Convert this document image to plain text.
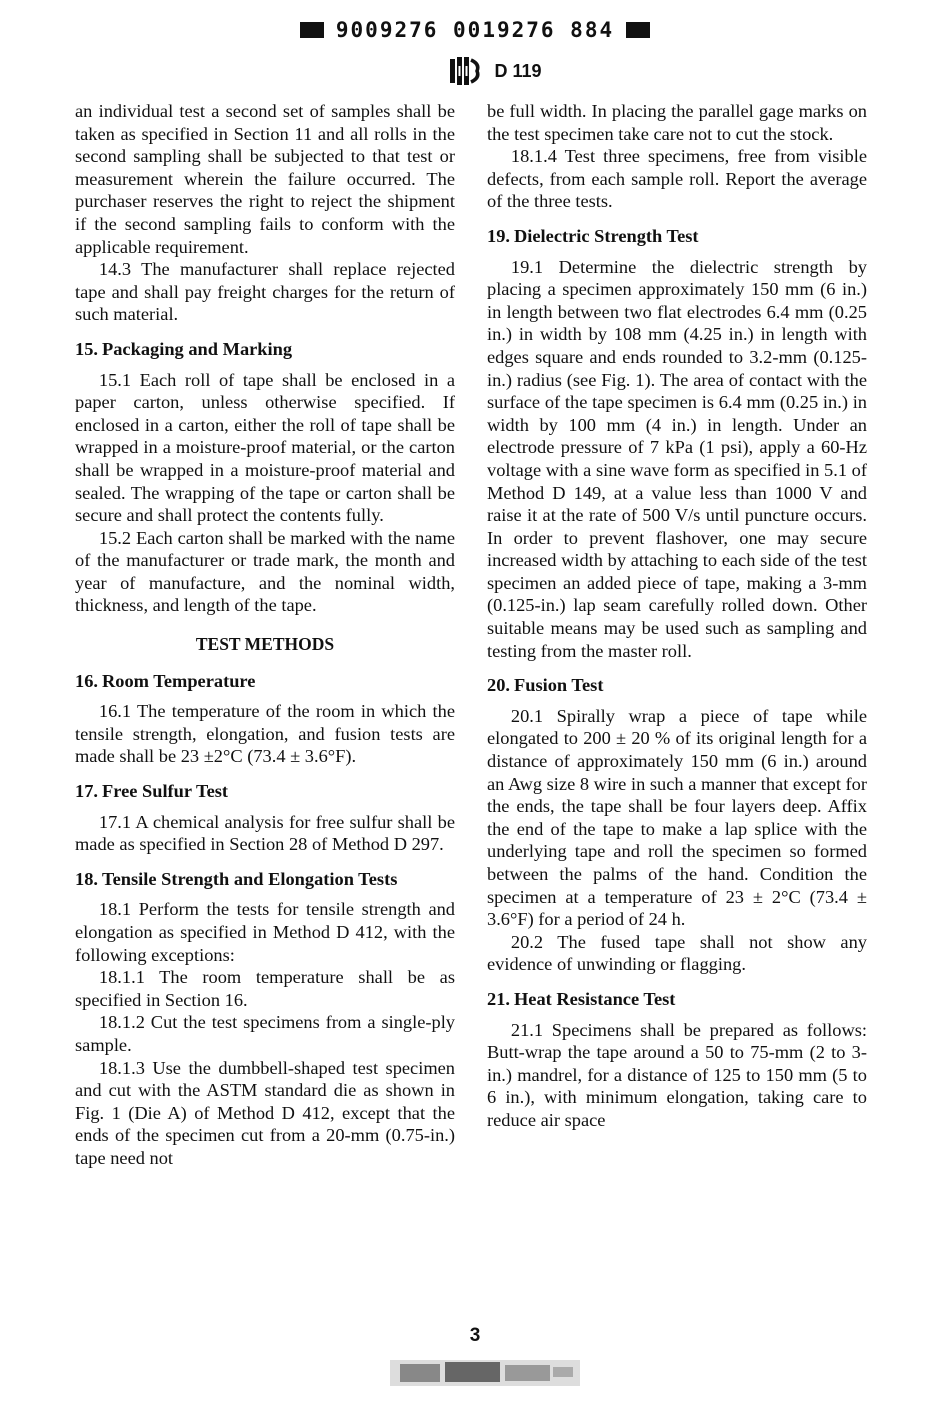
9009276 0019276 884
D 119

an individual test a second set of samples shall be taken as specified in Section 11 and all rolls in the second sampling shall be subjected to that test or measurement wherein the failure occurred. The purchaser reserves the right to reject the shipment if the second sampling fails to conform with the applicable requirement.

14.3 The manufacturer shall replace rejected tape and shall pay freight charges for the return of such material.

15. Packaging and Marking

15.1 Each roll of tape shall be enclosed in a paper carton, unless otherwise specified. If enclosed in a carton, either the roll of tape shall be wrapped in a moisture-proof material, or the carton shall be wrapped in a moisture-proof material and sealed. The wrapping of the tape or carton shall be secure and shall protect the contents fully.

15.2 Each carton shall be marked with the name of the manufacturer or trade mark, the month and year of manufacture, and the nominal width, thickness, and length of the tape.

TEST METHODS
16. Room Temperature

16.1 The temperature of the room in which the tensile strength, elongation, and fusion tests are made shall be 23 ±2°C (73.4 ± 3.6°F).

17. Free Sulfur Test

17.1 A chemical analysis for free sulfur shall be made as specified in Section 28 of Method D 297.

18. Tensile Strength and Elongation Tests

18.1 Perform the tests for tensile strength and elongation as specified in Method D 412, with the following exceptions:

18.1.1 The room temperature shall be as specified in Section 16.

18.1.2 Cut the test specimens from a single-ply sample.

18.1.3 Use the dumbbell-shaped test specimen and cut with the ASTM standard die as shown in Fig. 1 (Die A) of Method D 412, except that the ends of the specimen cut from a 20-mm (0.75-in.) tape need not

be full width. In placing the parallel gage marks on the test specimen take care not to cut the stock.

18.1.4 Test three specimens, free from visible defects, from each sample roll. Report the average of the three tests.

19. Dielectric Strength Test

19.1 Determine the dielectric strength by placing a specimen approximately 150 mm (6 in.) in length between two flat electrodes 6.4 mm (0.25 in.) in width by 108 mm (4.25 in.) in length with edges square and ends rounded to 3.2-mm (0.125-in.) radius (see Fig. 1). The area of contact with the surface of the tape specimen is 6.4 mm (0.25 in.) in width by 100 mm (4 in.) in length. Under an electrode pressure of 7 kPa (1 psi), apply a 60-Hz voltage with a sine wave form as specified in 5.1 of Method D 149, at a value less than 1000 V and raise it at the rate of 500 V/s until puncture occurs. In order to prevent flashover, one may secure increased width by attaching to each side of the test specimen an added piece of tape, making a 3-mm (0.125-in.) lap seam carefully rolled down. Other suitable means may be used such as sampling and testing from the master roll.

20. Fusion Test

20.1 Spirally wrap a piece of tape while elongated to 200 ± 20 % of its original length for a distance of approximately 150 mm (6 in.) around an Awg size 8 wire in such a manner that except for the ends, the tape shall be four layers deep. Affix the end of the tape to make a lap splice with the underlying tape and roll the specimen so formed between the palms of the hand. Condition the specimen at a temperature of 23 ± 2°C (73.4 ± 3.6°F) for a period of 24 h.

20.2 The fused tape shall not show any evidence of unwinding or flagging.

21. Heat Resistance Test

21.1 Specimens shall be prepared as follows: Butt-wrap the tape around a 50 to 75-mm (2 to 3-in.) mandrel, for a distance of 125 to 150 mm (5 to 6 in.), with minimum elongation, taking care to reduce air space

3
